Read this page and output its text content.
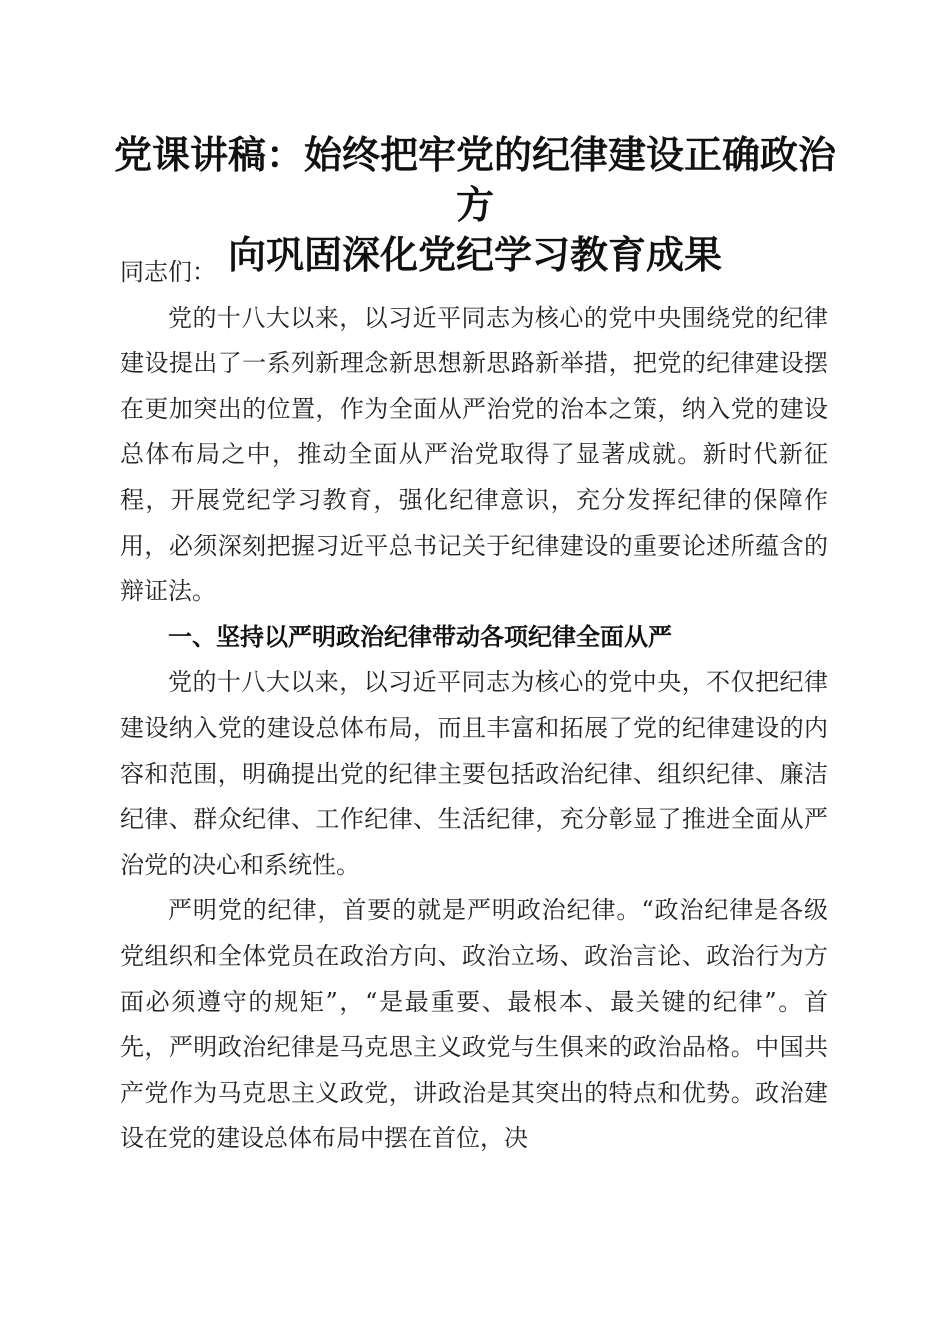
党课讲稿：始终把牢党的纪律建设正确政治方
向巩固深化党纪学习教育成果

同志们：

党的十八大以来，以习近平同志为核心的党中央围绕党的纪律建设提出了一系列新理念新思想新思路新举措，把党的纪律建设摆在更加突出的位置，作为全面从严治党的治本之策，纳入党的建设总体布局之中，推动全面从严治党取得了显著成就。新时代新征程，开展党纪学习教育，强化纪律意识，充分发挥纪律的保障作用，必须深刻把握习近平总书记关于纪律建设的重要论述所蕴含的辩证法。

一、坚持以严明政治纪律带动各项纪律全面从严

党的十八大以来，以习近平同志为核心的党中央，不仅把纪律建设纳入党的建设总体布局，而且丰富和拓展了党的纪律建设的内容和范围，明确提出党的纪律主要包括政治纪律、组织纪律、廉洁纪律、群众纪律、工作纪律、生活纪律，充分彰显了推进全面从严治党的决心和系统性。

严明党的纪律，首要的就是严明政治纪律。“政治纪律是各级党组织和全体党员在政治方向、政治立场、政治言论、政治行为方面必须遵守的规矩”，“是最重要、最根本、最关键的纪律”。首先，严明政治纪律是马克思主义政党与生俱来的政治品格。中国共产党作为马克思主义政党，讲政治是其突出的特点和优势。政治建设在党的建设总体布局中摆在首位，决
